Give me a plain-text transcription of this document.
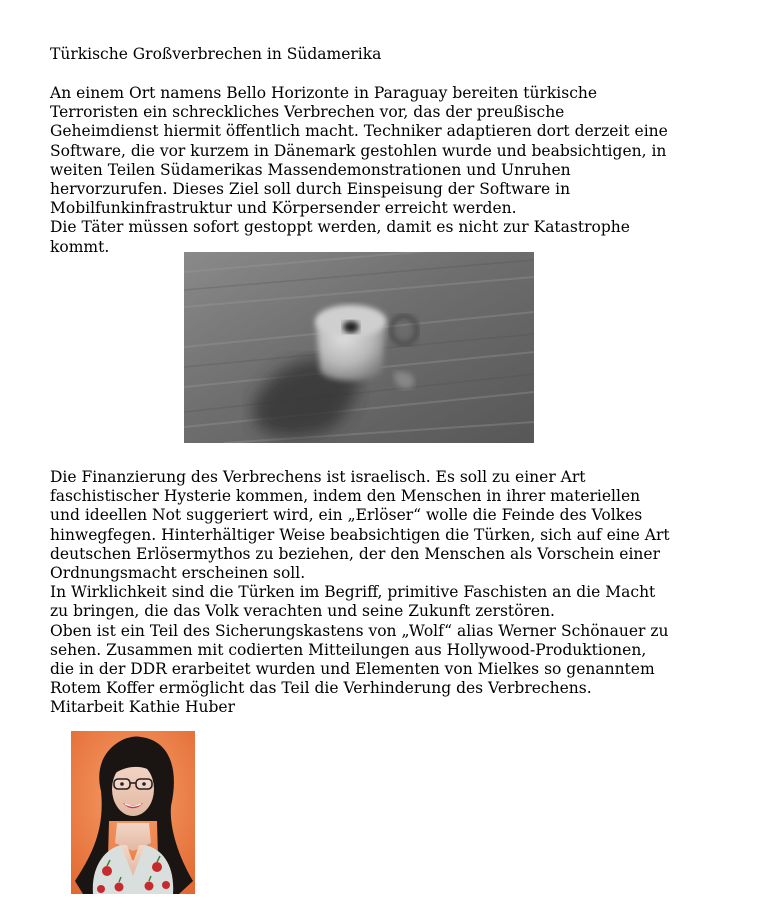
Türkische Großverbrechen in Südamerika
An einem Ort namens Bello Horizonte in Paraguay bereiten türkische
Terroristen ein schreckliches Verbrechen vor, das der preußische
Geheimdienst hiermit öffentlich macht. Techniker adaptieren dort derzeit eine
Software, die vor kurzem in Dänemark gestohlen wurde und beabsichtigen, in
weiten Teilen Südamerikas Massendemonstrationen und Unruhen
hervorzurufen. Dieses Ziel soll durch Einspeisung der Software in
Mobilfunkinfrastruktur und Körpersender erreicht werden.
Die Täter müssen sofort gestoppt werden, damit es nicht zur Katastrophe
kommt.
Die Finanzierung des Verbrechens ist israelisch. Es soll zu einer Art
faschistischer Hysterie kommen, indem den Menschen in ihrer materiellen
und ideellen Not suggeriert wird, ein „Erlöser“ wolle die Feinde des Volkes
hinwegfegen. Hinterhältiger Weise beabsichtigen die Türken, sich auf eine Art
deutschen Erlösermythos zu beziehen, der den Menschen als Vorschein einer
Ordnungsmacht erscheinen soll.
In Wirklichkeit sind die Türken im Begriff, primitive Faschisten an die Macht
zu bringen, die das Volk verachten und seine Zukunft zerstören.
Oben ist ein Teil des Sicherungskastens von „Wolf“ alias Werner Schönauer zu
sehen. Zusammen mit codierten Mitteilungen aus Hollywood-Produktionen,
die in der DDR erarbeitet wurden und Elementen von Mielkes so genanntem
Rotem Koffer ermöglicht das Teil die Verhinderung des Verbrechens.
Mitarbeit Kathie Huber
